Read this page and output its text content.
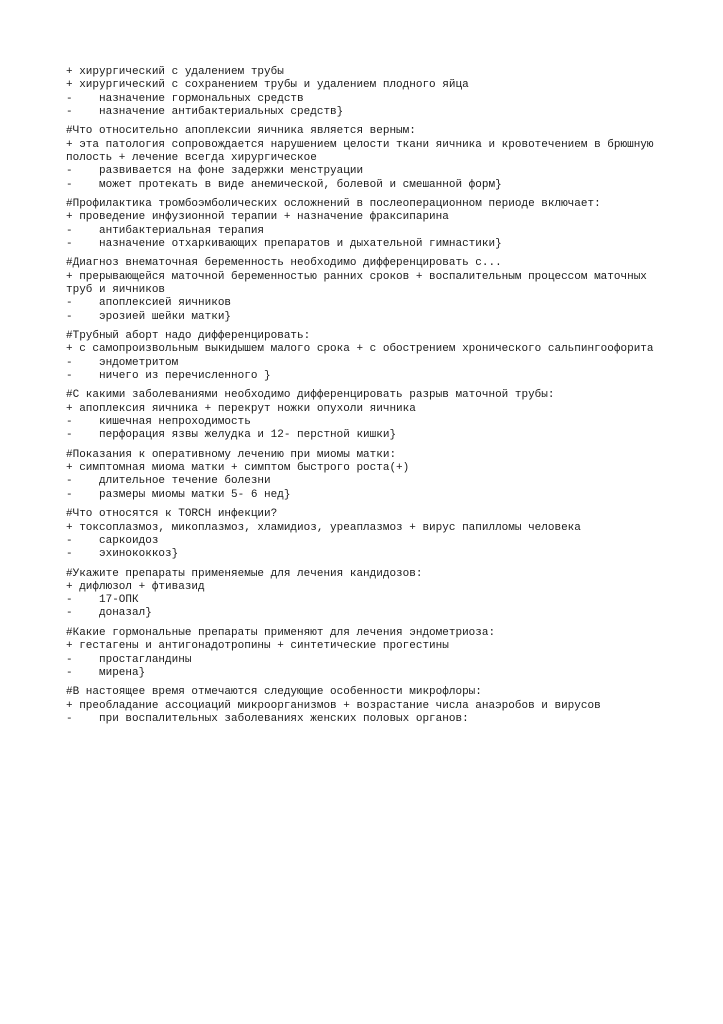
+ хирургический с удалением трубы
+ хирургический с сохранением трубы и удалением плодного яйца
-    назначение гормональных средств
-    назначение антибактериальных средств}
#Что относительно апоплексии яичника является верным:
+ эта патология сопровождается нарушением целости ткани яичника и кровотечением в брюшную полость + лечение всегда хирургическое
-    развивается на фоне задержки менструации
-    может протекать в виде анемической, болевой и смешанной форм}
#Профилактика тромбоэмболических осложнений в послеоперационном периоде включает:
+ проведение инфузионной терапии + назначение фраксипарина
-    антибактериальная терапия
-    назначение отхаркивающих препаратов и дыхательной гимнастики}
#Диагноз внематочная беременность необходимо дифференцировать с...
+ прерывающейся маточной беременностью ранних сроков + воспалительным процессом маточных труб и яичников
-    апоплексией яичников
-    эрозией шейки матки}
#Трубный аборт надо дифференцировать:
+ с самопроизвольным выкидышем малого срока + с обострением хронического сальпингоофорита
-    эндометритом
-    ничего из перечисленного }
#С какими заболеваниями необходимо дифференцировать разрыв маточной трубы:
+ апоплексия яичника + перекрут ножки опухоли яичника
-    кишечная непроходимость
-    перфорация язвы желудка и 12- перстной кишки}
#Показания к оперативному лечению при миомы матки:
+ симптомная миома матки + симптом быстрого роста(+)
-    длительное течение болезни
-    размеры миомы матки 5- 6 нед}
#Что относятся к TORCH инфекции?
+ токсоплазмоз, микоплазмоз, хламидиоз, уреаплазмоз + вирус папилломы человека
-    саркоидоз
-    эхинококкоз}
#Укажите препараты применяемые для лечения кандидозов:
+ дифлюзол + фтивазид
-    17-ОПК
-    доназал}
#Какие гормональные препараты применяют для лечения эндометриоза:
+ гестагены и антигонадотропины + синтетические прогестины
-    простагландины
-    мирена}
#В настоящее время отмечаются следующие особенности микрофлоры:
+ преобладание ассоциаций микроорганизмов + возрастание числа анаэробов и вирусов
-    при воспалительных заболеваниях женских половых органов:
